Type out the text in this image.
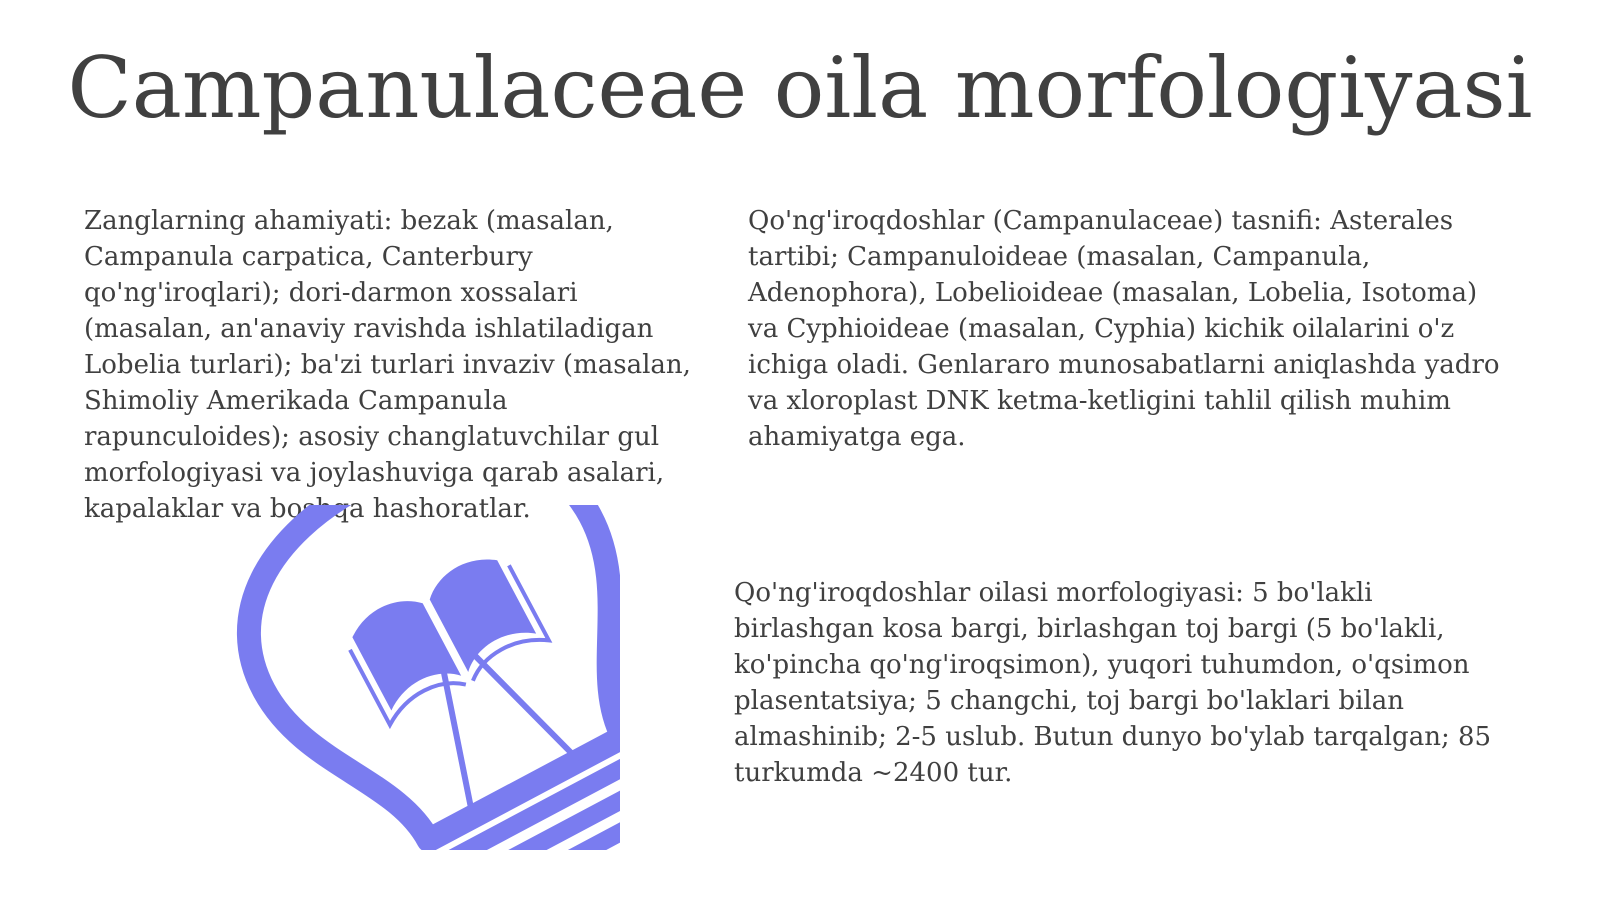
Campanulaceae oila morfologiyasi

Zanglarning ahamiyati: bezak (masalan, Campanula carpatica, Canterbury qo'ng'iroqlari); dori-darmon xossalari (masalan, an'anaviy ravishda ishlatiladigan Lobelia turlari); ba'zi turlari invaziv (masalan, Shimoliy Amerikada Campanula rapunculoides); asosiy changlatuvchilar gul morfologiyasi va joylashuviga qarab asalari, kapalaklar va boshqa hashoratlar.

Qo'ng'iroqdoshlar (Campanulaceae) tasnifi: Asterales tartibi; Campanuloideae (masalan, Campanula, Adenophora), Lobelioideae (masalan, Lobelia, Isotoma) va Cyphioideae (masalan, Cyphia) kichik oilalarini o'z ichiga oladi. Genlararo munosabatlarni aniqlashda yadro va xloroplast DNK ketma-ketligini tahlil qilish muhim ahamiyatga ega.

Qo'ng'iroqdoshlar oilasi morfologiyasi: 5 bo'lakli birlashgan kosa bargi, birlashgan toj bargi (5 bo'lakli, ko'pincha qo'ng'iroqsimon), yuqori tuhumdon, o'qsimon plasentatsiya; 5 changchi, toj bargi bo'laklari bilan almashinib; 2-5 uslub. Butun dunyo bo'ylab tarqalgan; 85 turkumda ~2400 tur.
